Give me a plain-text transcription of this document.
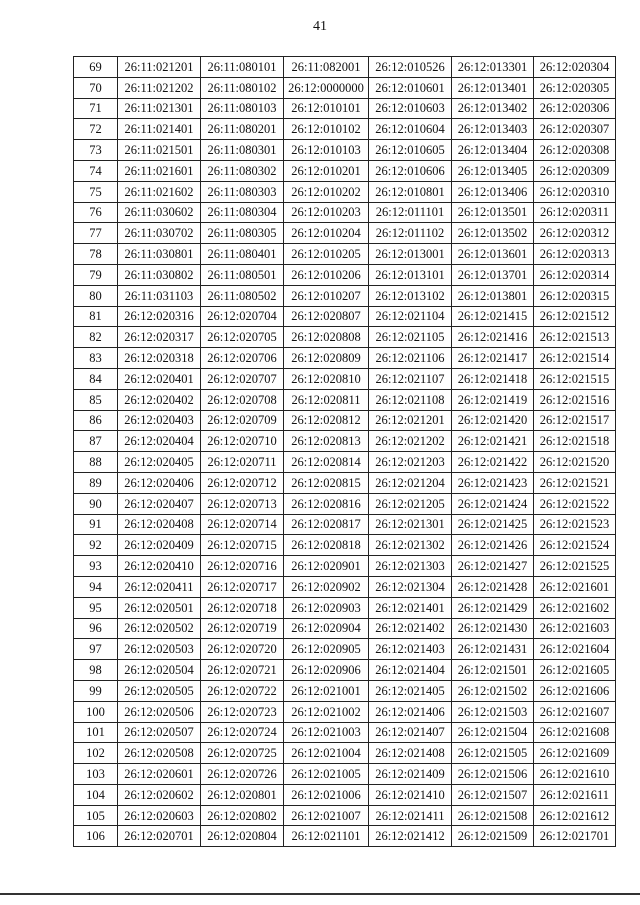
41
69	26:11:021201	26:11:080101	26:11:082001	26:12:010526	26:12:013301	26:12:020304
70	26:11:021202	26:11:080102	26:12:0000000	26:12:010601	26:12:013401	26:12:020305
71	26:11:021301	26:11:080103	26:12:010101	26:12:010603	26:12:013402	26:12:020306
72	26:11:021401	26:11:080201	26:12:010102	26:12:010604	26:12:013403	26:12:020307
73	26:11:021501	26:11:080301	26:12:010103	26:12:010605	26:12:013404	26:12:020308
74	26:11:021601	26:11:080302	26:12:010201	26:12:010606	26:12:013405	26:12:020309
75	26:11:021602	26:11:080303	26:12:010202	26:12:010801	26:12:013406	26:12:020310
76	26:11:030602	26:11:080304	26:12:010203	26:12:011101	26:12:013501	26:12:020311
77	26:11:030702	26:11:080305	26:12:010204	26:12:011102	26:12:013502	26:12:020312
78	26:11:030801	26:11:080401	26:12:010205	26:12:013001	26:12:013601	26:12:020313
79	26:11:030802	26:11:080501	26:12:010206	26:12:013101	26:12:013701	26:12:020314
80	26:11:031103	26:11:080502	26:12:010207	26:12:013102	26:12:013801	26:12:020315
81	26:12:020316	26:12:020704	26:12:020807	26:12:021104	26:12:021415	26:12:021512
82	26:12:020317	26:12:020705	26:12:020808	26:12:021105	26:12:021416	26:12:021513
83	26:12:020318	26:12:020706	26:12:020809	26:12:021106	26:12:021417	26:12:021514
84	26:12:020401	26:12:020707	26:12:020810	26:12:021107	26:12:021418	26:12:021515
85	26:12:020402	26:12:020708	26:12:020811	26:12:021108	26:12:021419	26:12:021516
86	26:12:020403	26:12:020709	26:12:020812	26:12:021201	26:12:021420	26:12:021517
87	26:12:020404	26:12:020710	26:12:020813	26:12:021202	26:12:021421	26:12:021518
88	26:12:020405	26:12:020711	26:12:020814	26:12:021203	26:12:021422	26:12:021520
89	26:12:020406	26:12:020712	26:12:020815	26:12:021204	26:12:021423	26:12:021521
90	26:12:020407	26:12:020713	26:12:020816	26:12:021205	26:12:021424	26:12:021522
91	26:12:020408	26:12:020714	26:12:020817	26:12:021301	26:12:021425	26:12:021523
92	26:12:020409	26:12:020715	26:12:020818	26:12:021302	26:12:021426	26:12:021524
93	26:12:020410	26:12:020716	26:12:020901	26:12:021303	26:12:021427	26:12:021525
94	26:12:020411	26:12:020717	26:12:020902	26:12:021304	26:12:021428	26:12:021601
95	26:12:020501	26:12:020718	26:12:020903	26:12:021401	26:12:021429	26:12:021602
96	26:12:020502	26:12:020719	26:12:020904	26:12:021402	26:12:021430	26:12:021603
97	26:12:020503	26:12:020720	26:12:020905	26:12:021403	26:12:021431	26:12:021604
98	26:12:020504	26:12:020721	26:12:020906	26:12:021404	26:12:021501	26:12:021605
99	26:12:020505	26:12:020722	26:12:021001	26:12:021405	26:12:021502	26:12:021606
100	26:12:020506	26:12:020723	26:12:021002	26:12:021406	26:12:021503	26:12:021607
101	26:12:020507	26:12:020724	26:12:021003	26:12:021407	26:12:021504	26:12:021608
102	26:12:020508	26:12:020725	26:12:021004	26:12:021408	26:12:021505	26:12:021609
103	26:12:020601	26:12:020726	26:12:021005	26:12:021409	26:12:021506	26:12:021610
104	26:12:020602	26:12:020801	26:12:021006	26:12:021410	26:12:021507	26:12:021611
105	26:12:020603	26:12:020802	26:12:021007	26:12:021411	26:12:021508	26:12:021612
106	26:12:020701	26:12:020804	26:12:021101	26:12:021412	26:12:021509	26:12:021701
